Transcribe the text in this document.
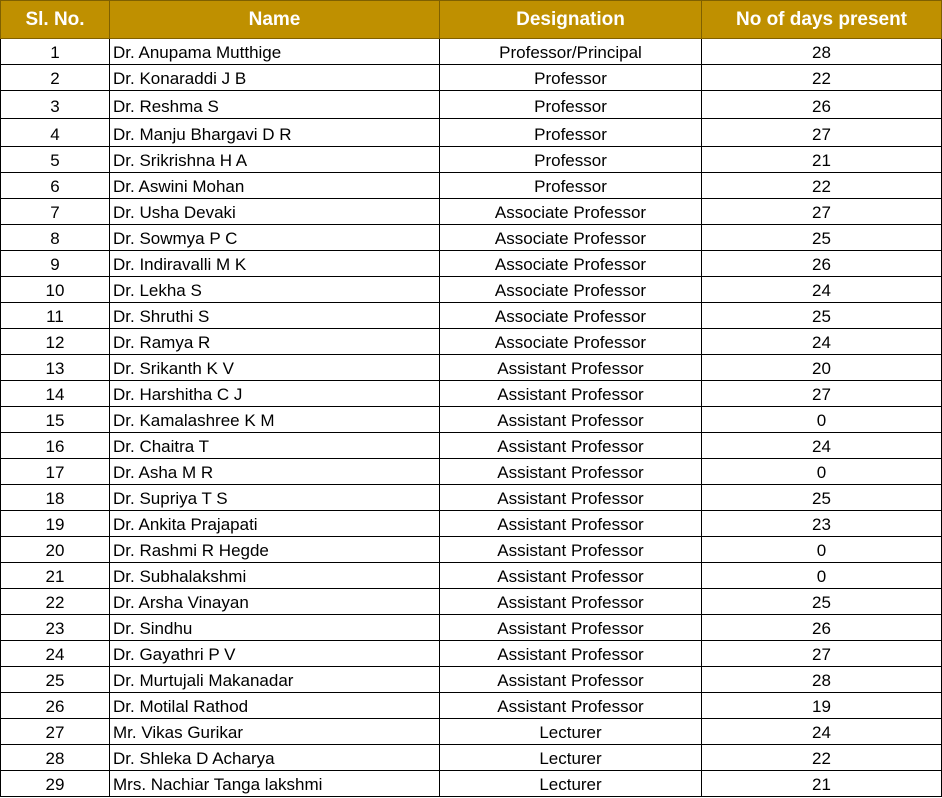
Sl. No.	Name	Designation	No of days present
1	Dr. Anupama Mutthige	Professor/Principal	28
2	Dr. Konaraddi J B	Professor	22
3	Dr. Reshma S	Professor	26
4	Dr. Manju Bhargavi D R	Professor	27
5	Dr. Srikrishna H A	Professor	21
6	Dr. Aswini Mohan	Professor	22
7	Dr. Usha Devaki	Associate Professor	27
8	Dr. Sowmya P C	Associate Professor	25
9	Dr. Indiravalli M K	Associate Professor	26
10	Dr. Lekha S	Associate Professor	24
11	Dr. Shruthi S	Associate Professor	25
12	Dr. Ramya R	Associate Professor	24
13	Dr. Srikanth K V	Assistant Professor	20
14	Dr. Harshitha C J	Assistant Professor	27
15	Dr. Kamalashree K M	Assistant Professor	0
16	Dr. Chaitra T	Assistant Professor	24
17	Dr. Asha M R	Assistant Professor	0
18	Dr. Supriya T S	Assistant Professor	25
19	Dr. Ankita Prajapati	Assistant Professor	23
20	Dr. Rashmi R Hegde	Assistant Professor	0
21	Dr. Subhalakshmi	Assistant Professor	0
22	Dr. Arsha Vinayan	Assistant Professor	25
23	Dr. Sindhu	Assistant Professor	26
24	Dr. Gayathri P V	Assistant Professor	27
25	Dr. Murtujali Makanadar	Assistant Professor	28
26	Dr. Motilal Rathod	Assistant Professor	19
27	Mr. Vikas Gurikar	Lecturer	24
28	Dr. Shleka D Acharya	Lecturer	22
29	Mrs. Nachiar Tanga lakshmi	Lecturer	21
